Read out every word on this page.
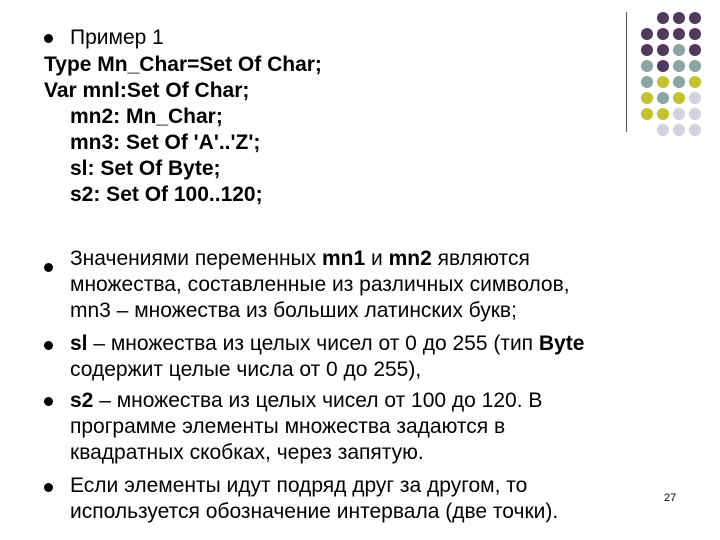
Пример 1
Type Mn_Char=Set Of Char;
Var mnl:Set Of Char;
mn2: Mn_Char;
mn3: Set Of 'A'..'Z';
sl: Set Of Byte;
s2: Set Of 100..120;
Значениями переменных mn1 и mn2 являются
множества, составленные из различных символов,
mn3 – множества из больших латинских букв;
sl – множества из целых чисел от 0 до 255 (тип Byte
содержит целые числа от 0 до 255),
s2 – множества из целых чисел от 100 до 120. В
программе элементы множества задаются в
квадратных скобках, через запятую.
Если элементы идут подряд друг за другом, то
используется обозначение интервала (две точки).
27
